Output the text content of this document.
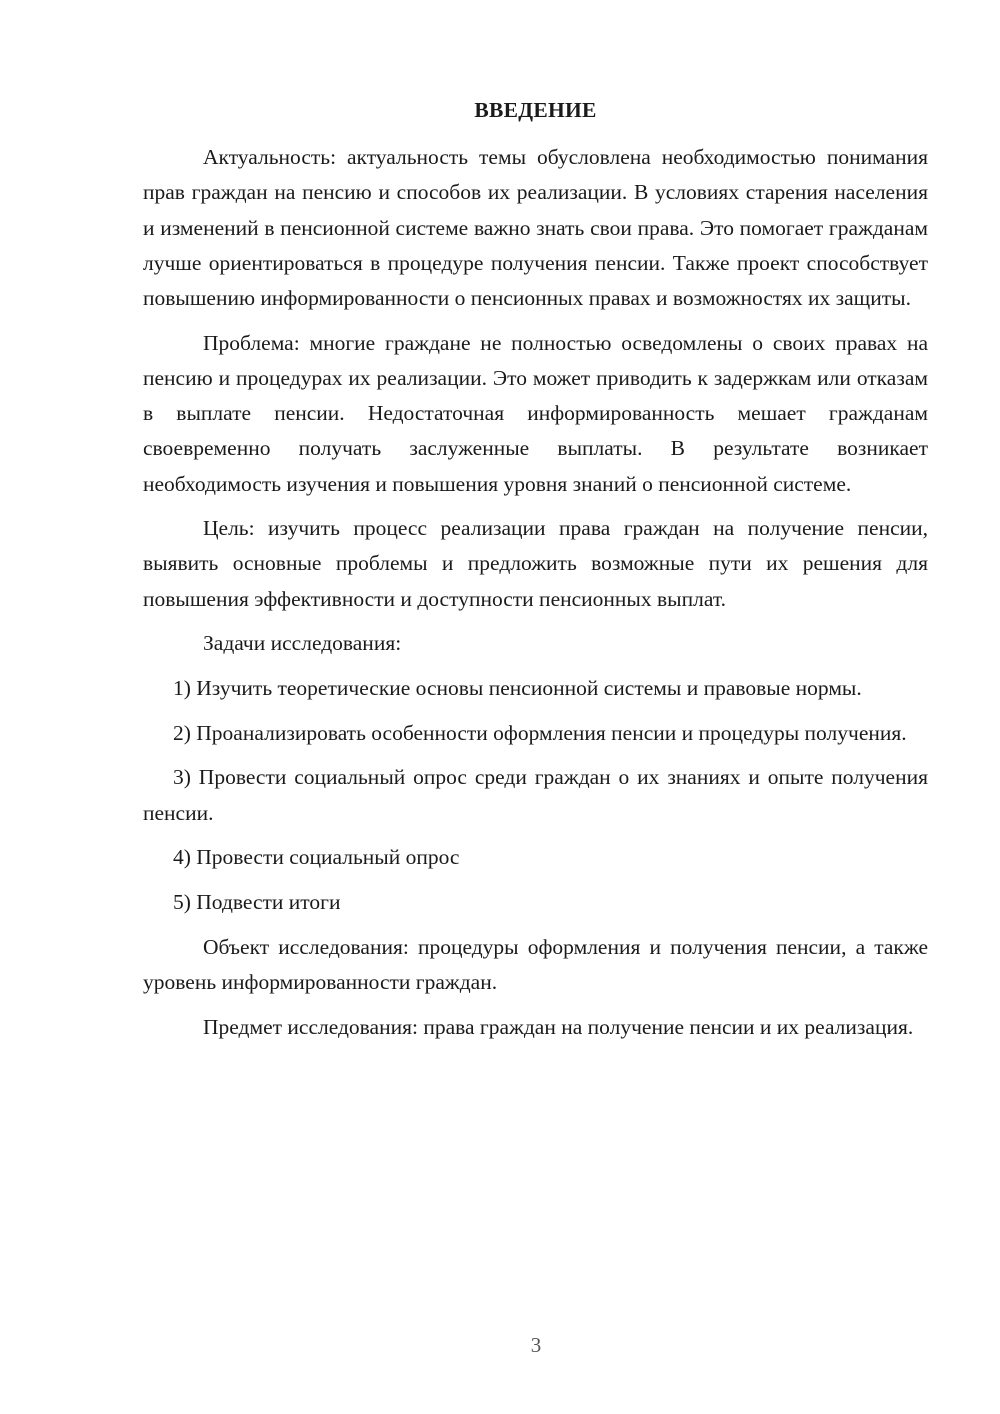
ВВЕДЕНИЕ

Актуальность: актуальность темы обусловлена необходимостью понимания прав граждан на пенсию и способов их реализации. В условиях старения населения и изменений в пенсионной системе важно знать свои права. Это помогает гражданам лучше ориентироваться в процедуре получения пенсии. Также проект способствует повышению информированности о пенсионных правах и возможностях их защиты.

Проблема: многие граждане не полностью осведомлены о своих правах на пенсию и процедурах их реализации. Это может приводить к задержкам или отказам в выплате пенсии. Недостаточная информированность мешает гражданам своевременно получать заслуженные выплаты. В результате возникает необходимость изучения и повышения уровня знаний о пенсионной системе.

Цель: изучить процесс реализации права граждан на получение пенсии, выявить основные проблемы и предложить возможные пути их решения для повышения эффективности и доступности пенсионных выплат.

Задачи исследования:

1) Изучить теоретические основы пенсионной системы и правовые нормы.

2) Проанализировать особенности оформления пенсии и процедуры получения.

3) Провести социальный опрос среди граждан о их знаниях и опыте получения пенсии.

4) Провести социальный опрос

5) Подвести итоги

Объект исследования: процедуры оформления и получения пенсии, а также уровень информированности граждан.

Предмет исследования: права граждан на получение пенсии и их реализация.

3
